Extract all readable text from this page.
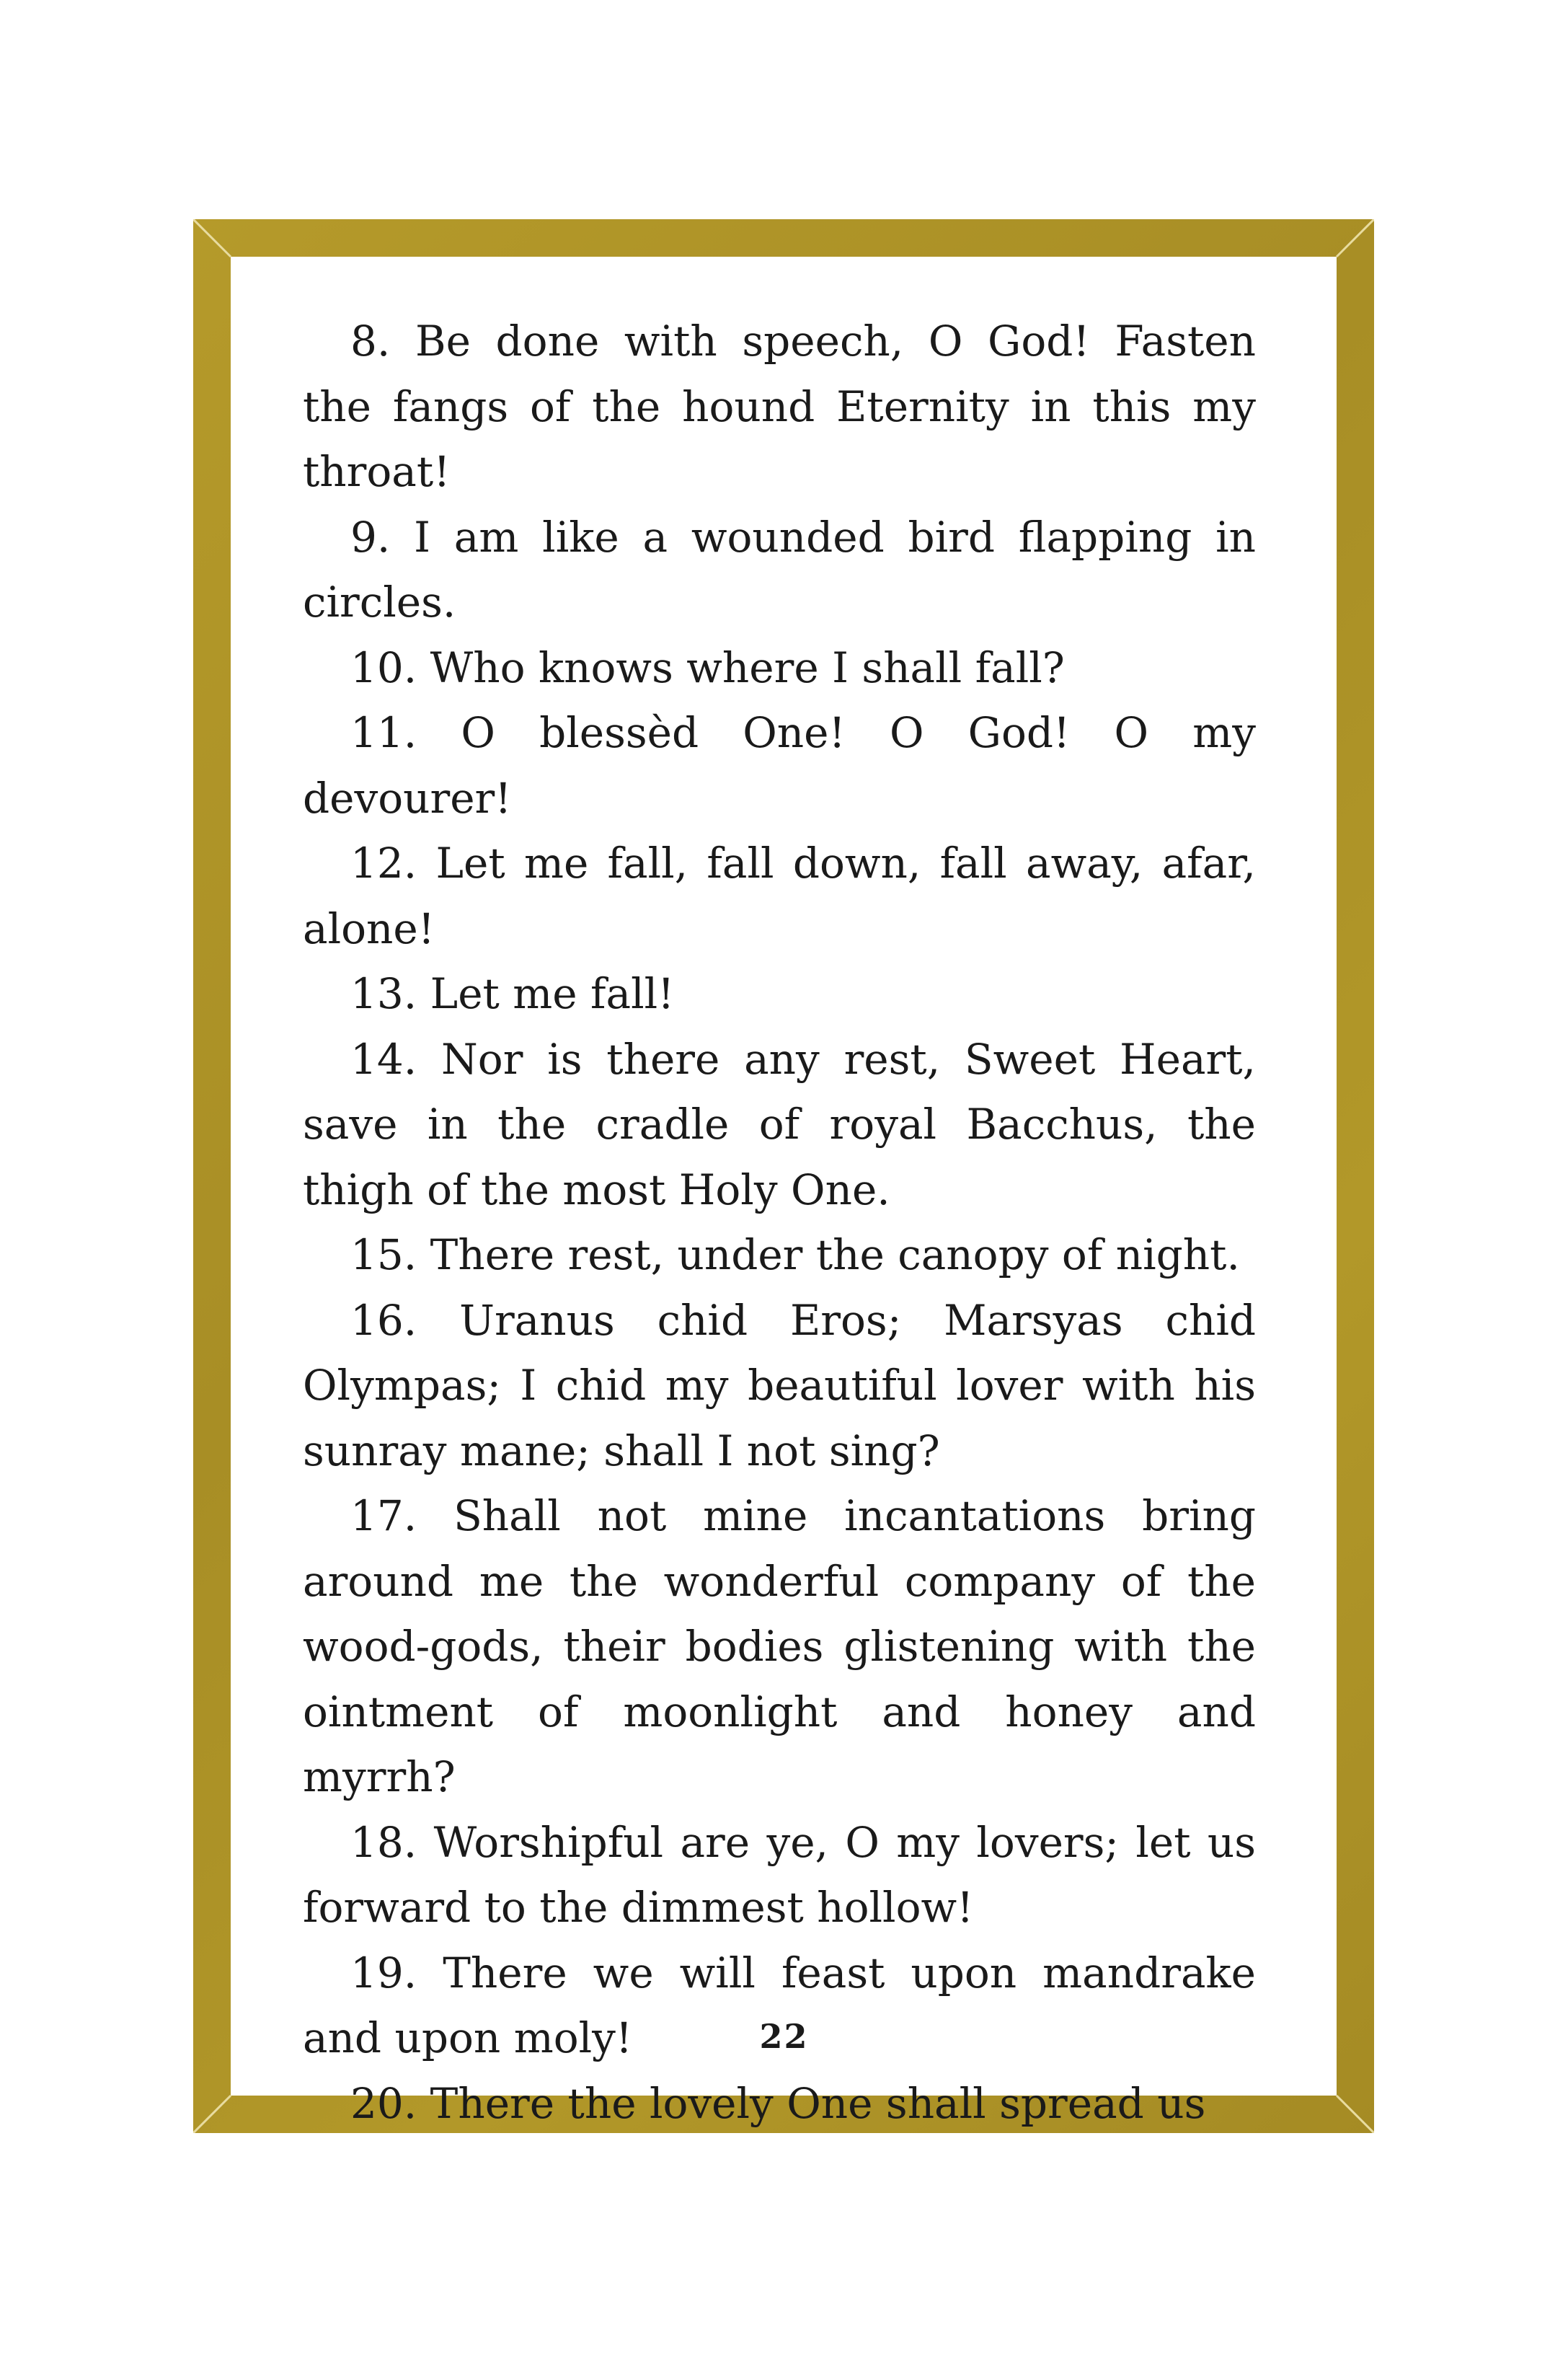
8. Be done with speech, O God! Fasten the fangs of the hound Eternity in this my throat!

9. I am like a wounded bird flapping in circles.

10. Who knows where I shall fall?

11. O blessèd One! O God! O my devourer!

12. Let me fall, fall down, fall away, afar, alone!

13. Let me fall!

14. Nor is there any rest, Sweet Heart, save in the cradle of royal Bacchus, the thigh of the most Holy One.

15. There rest, under the canopy of night.

16. Uranus chid Eros; Marsyas chid Olympas; I chid my beautiful lover with his sunray mane; shall I not sing?

17. Shall not mine incantations bring around me the wonderful company of the wood-gods, their bodies glistening with the ointment of moonlight and honey and myrrh?

18. Worshipful are ye, O my lovers; let us forward to the dimmest hollow!

19. There we will feast upon mandrake and upon moly!

20. There the lovely One shall spread us

22
